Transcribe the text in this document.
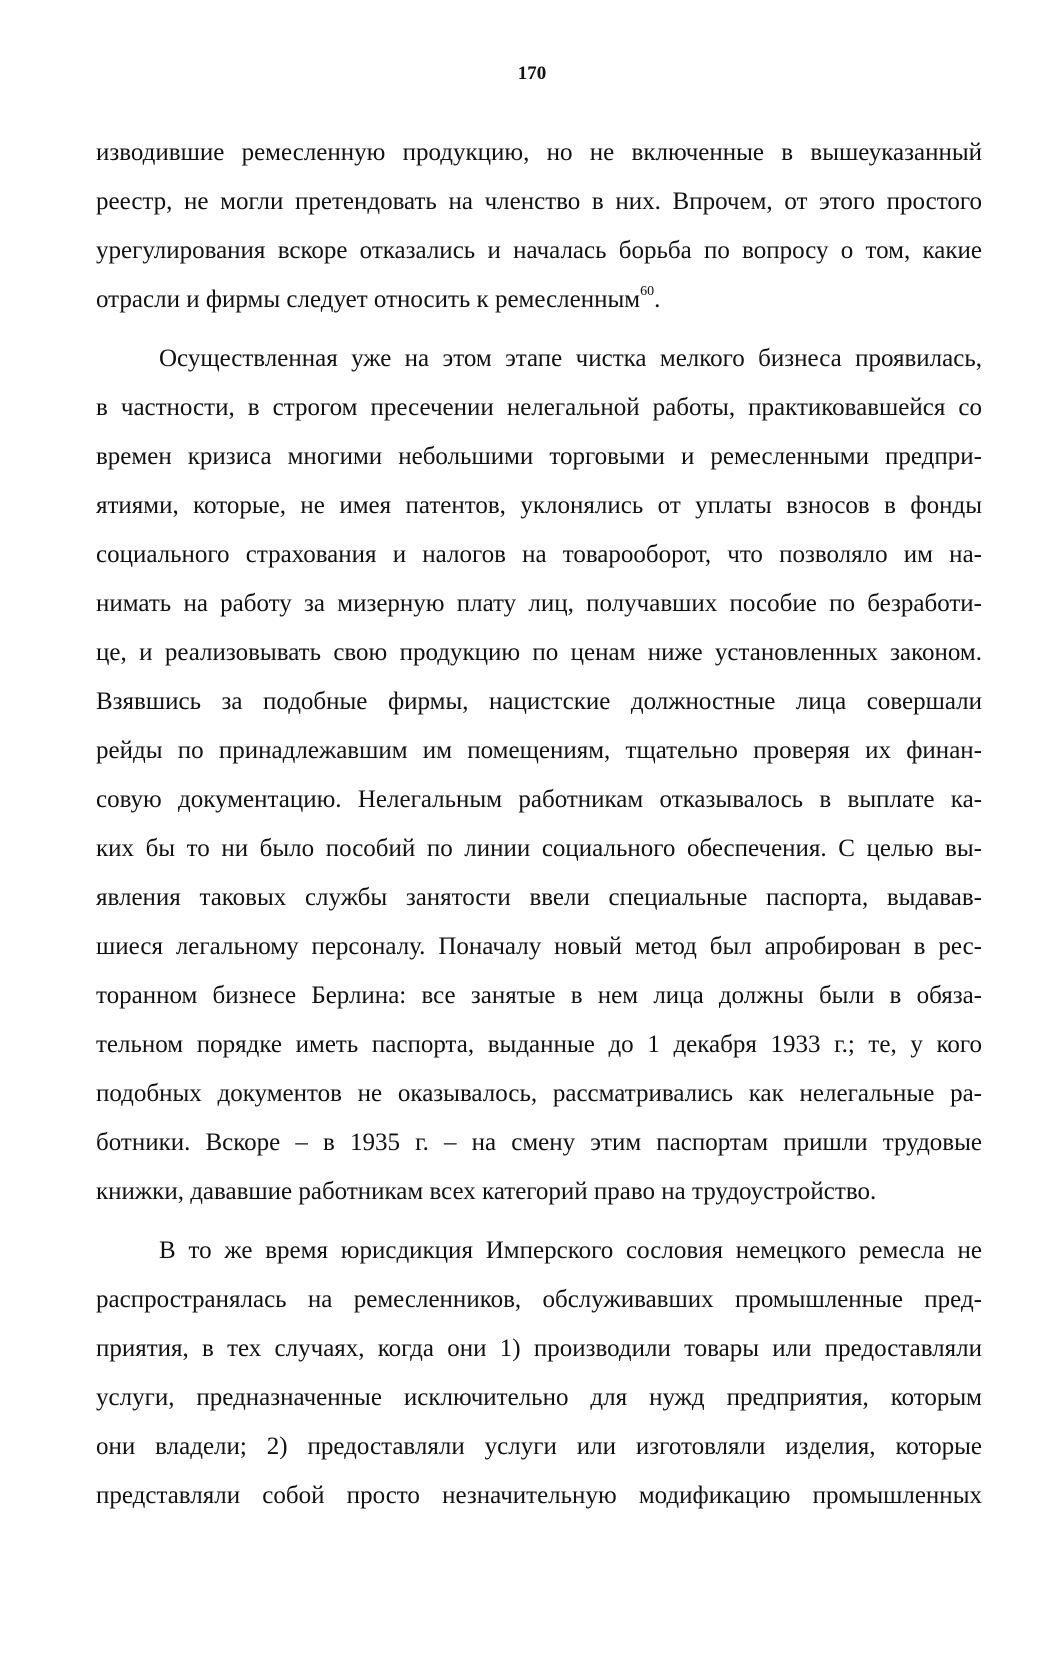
170
изводившие ремесленную продукцию, но не включенные в вышеуказанный
реестр, не могли претендовать на членство в них. Впрочем, от этого простого
урегулирования вскоре отказались и началась борьба по вопросу о том, какие
отрасли и фирмы следует относить к ремесленным$^{60}$.
Осуществленная уже на этом этапе чистка мелкого бизнеса проявилась,
в частности, в строгом пресечении нелегальной работы, практиковавшейся со
времен кризиса многими небольшими торговыми и ремесленными предпри-
ятиями, которые, не имея патентов, уклонялись от уплаты взносов в фонды
социального страхования и налогов на товарооборот, что позволяло им на-
нимать на работу за мизерную плату лиц, получавших пособие по безработи-
це, и реализовывать свою продукцию по ценам ниже установленных законом.
Взявшись за подобные фирмы, нацистские должностные лица совершали
рейды по принадлежавшим им помещениям, тщательно проверяя их финан-
совую документацию. Нелегальным работникам отказывалось в выплате ка-
ких бы то ни было пособий по линии социального обеспечения. С целью вы-
явления таковых службы занятости ввели специальные паспорта, выдавав-
шиеся легальному персоналу. Поначалу новый метод был апробирован в рес-
торанном бизнесе Берлина: все занятые в нем лица должны были в обяза-
тельном порядке иметь паспорта, выданные до 1 декабря 1933 г.; те, у кого
подобных документов не оказывалось, рассматривались как нелегальные ра-
ботники. Вскоре – в 1935 г. – на смену этим паспортам пришли трудовые
книжки, дававшие работникам всех категорий право на трудоустройство.
В то же время юрисдикция Имперского сословия немецкого ремесла не
распространялась на ремесленников, обслуживавших промышленные пред-
приятия, в тех случаях, когда они 1) производили товары или предоставляли
услуги, предназначенные исключительно для нужд предприятия, которым
они владели; 2) предоставляли услуги или изготовляли изделия, которые
представляли собой просто незначительную модификацию промышленных
